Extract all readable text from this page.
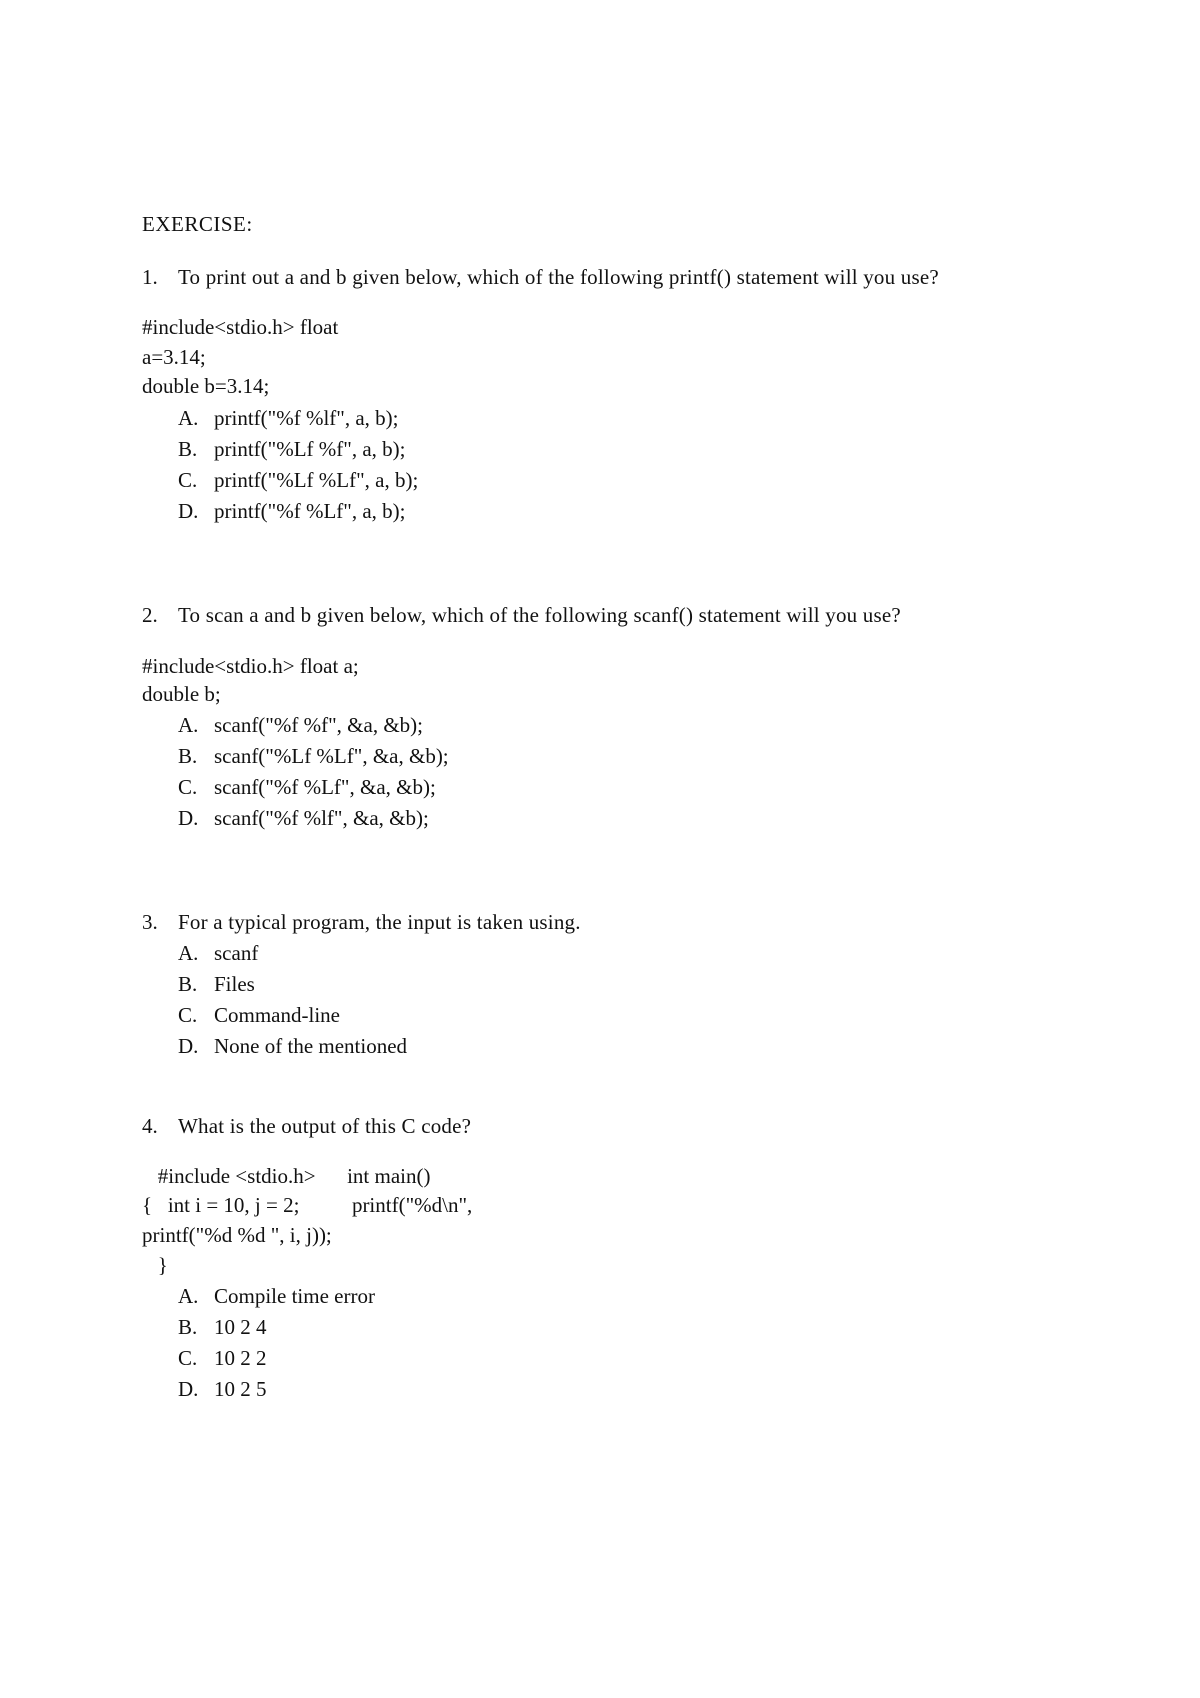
EXERCISE:
1. To print out a and b given below, which of the following printf() statement will you use?
#include<stdio.h> float
a=3.14;
double b=3.14;
A. printf("%f %lf", a, b);
B. printf("%Lf %f", a, b);
C. printf("%Lf %Lf", a, b);
D. printf("%f %Lf", a, b);
2. To scan a and b given below, which of the following scanf() statement will you use?
#include<stdio.h> float a;
double b;
A. scanf("%f %f", &a, &b);
B. scanf("%Lf %Lf", &a, &b);
C. scanf("%f %Lf", &a, &b);
D. scanf("%f %lf", &a, &b);
3. For a typical program, the input is taken using.
A. scanf
B. Files
C. Command-line
D. None of the mentioned
4. What is the output of this C code?
#include <stdio.h>      int main()
{   int i = 10, j = 2;          printf("%d\n",
printf("%d %d ", i, j));
}
A. Compile time error
B. 10 2 4
C. 10 2 2
D. 10 2 5
